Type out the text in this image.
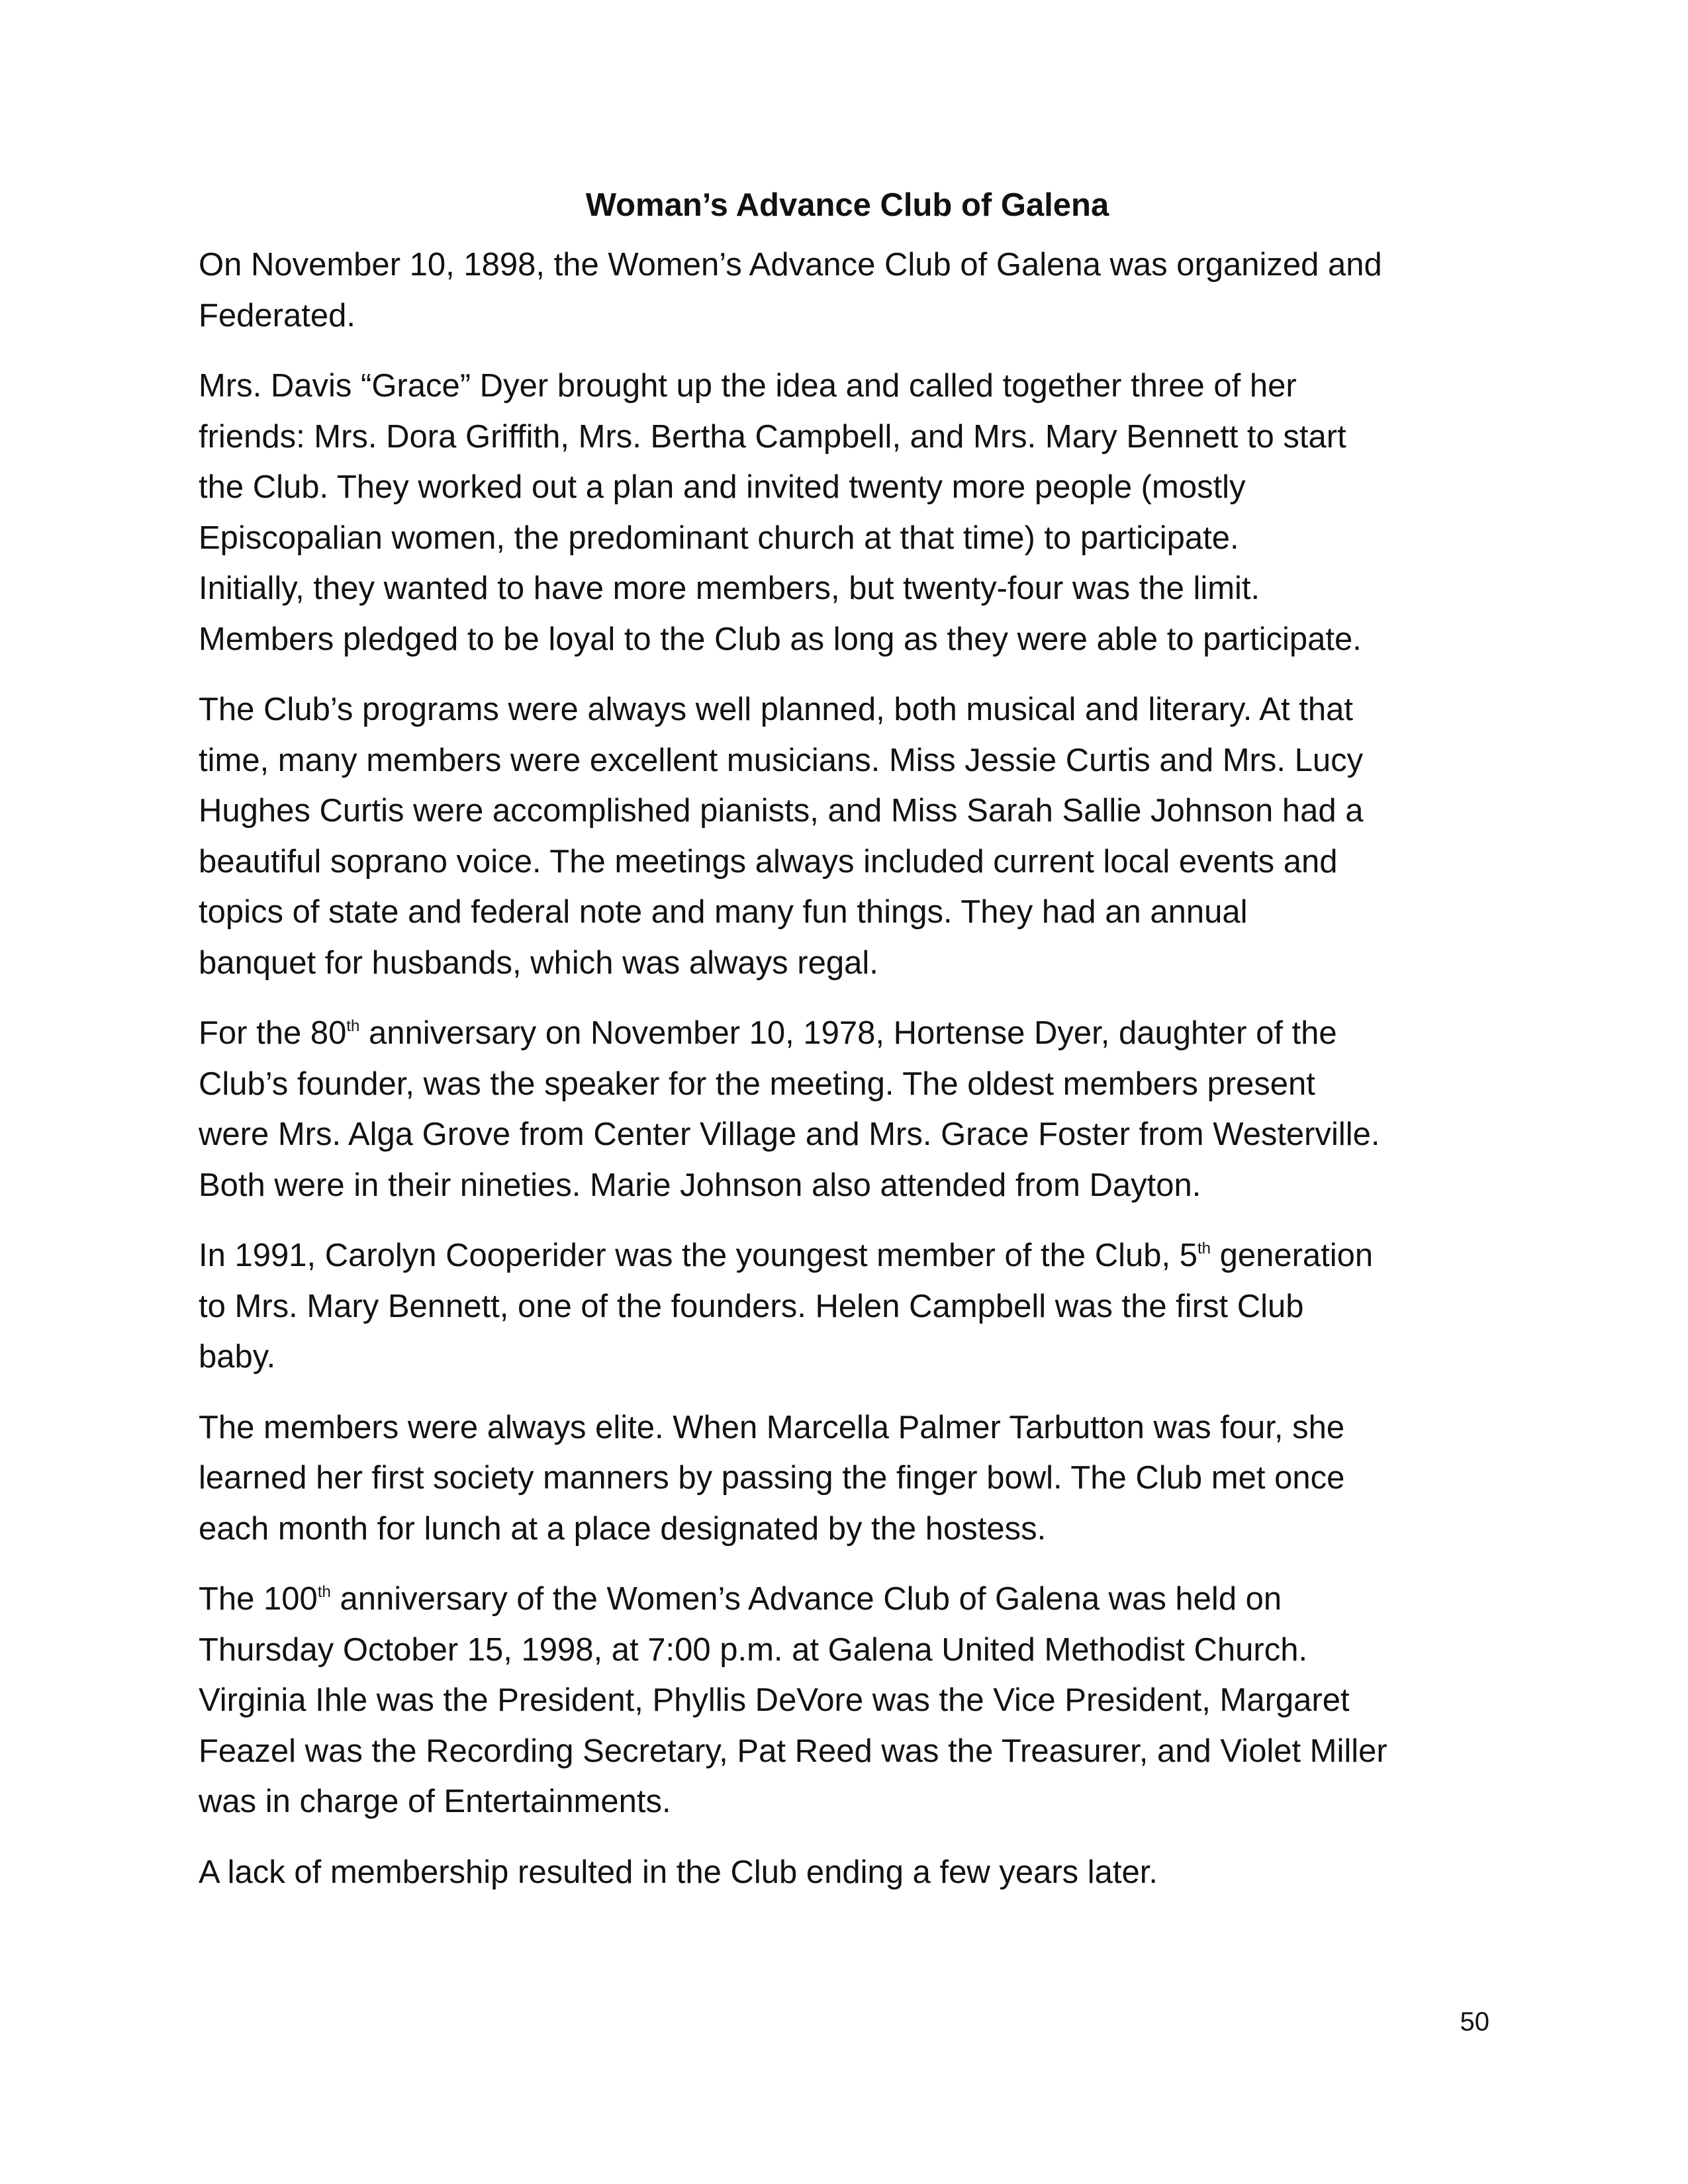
Woman’s Advance Club of Galena

On November 10, 1898, the Women’s Advance Club of Galena was organized and
Federated.

Mrs. Davis “Grace” Dyer brought up the idea and called together three of her
friends: Mrs. Dora Griffith, Mrs. Bertha Campbell, and Mrs. Mary Bennett to start
the Club. They worked out a plan and invited twenty more people (mostly
Episcopalian women, the predominant church at that time) to participate.
Initially, they wanted to have more members, but twenty-four was the limit.
Members pledged to be loyal to the Club as long as they were able to participate.

The Club’s programs were always well planned, both musical and literary. At that
time, many members were excellent musicians. Miss Jessie Curtis and Mrs. Lucy
Hughes Curtis were accomplished pianists, and Miss Sarah Sallie Johnson had a
beautiful soprano voice. The meetings always included current local events and
topics of state and federal note and many fun things. They had an annual
banquet for husbands, which was always regal.

For the 80th anniversary on November 10, 1978, Hortense Dyer, daughter of the
Club’s founder, was the speaker for the meeting. The oldest members present
were Mrs. Alga Grove from Center Village and Mrs. Grace Foster from Westerville.
Both were in their nineties. Marie Johnson also attended from Dayton.

In 1991, Carolyn Cooperider was the youngest member of the Club, 5th generation
to Mrs. Mary Bennett, one of the founders. Helen Campbell was the first Club
baby.

The members were always elite. When Marcella Palmer Tarbutton was four, she
learned her first society manners by passing the finger bowl. The Club met once
each month for lunch at a place designated by the hostess.

The 100th anniversary of the Women’s Advance Club of Galena was held on
Thursday October 15, 1998, at 7:00 p.m. at Galena United Methodist Church.
Virginia Ihle was the President, Phyllis DeVore was the Vice President, Margaret
Feazel was the Recording Secretary, Pat Reed was the Treasurer, and Violet Miller
was in charge of Entertainments.

A lack of membership resulted in the Club ending a few years later.

50
